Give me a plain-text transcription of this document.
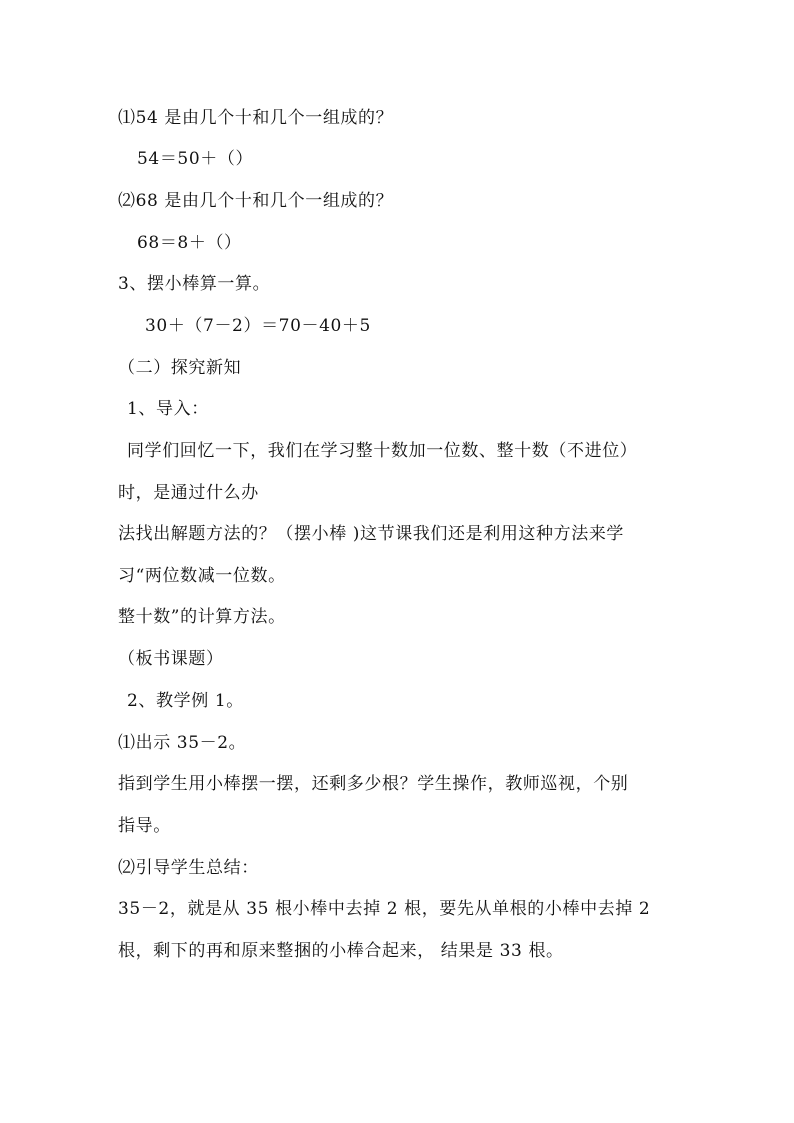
⑴54 是由几个十和几个一组成的？
54＝50＋（）
⑵68 是由几个十和几个一组成的？
68＝8＋（）
3、摆小棒算一算。
30＋（7－2）＝70－40＋5
（二）探究新知
1、导入：
同学们回忆一下，我们在学习整十数加一位数、整十数（不进位）
时，是通过什么办
法找出解题方法的？（摆小棒 )这节课我们还是利用这种方法来学
习“两位数减一位数。
整十数”的计算方法。
（板书课题）
2、教学例 1。
⑴出示 35－2。
指到学生用小棒摆一摆，还剩多少根？学生操作，教师巡视，个别
指导。
⑵引导学生总结：
35－2，就是从 35 根小棒中去掉 2 根，要先从单根的小棒中去掉 2
根，剩下的再和原来整捆的小棒合起来， 结果是 33 根。
